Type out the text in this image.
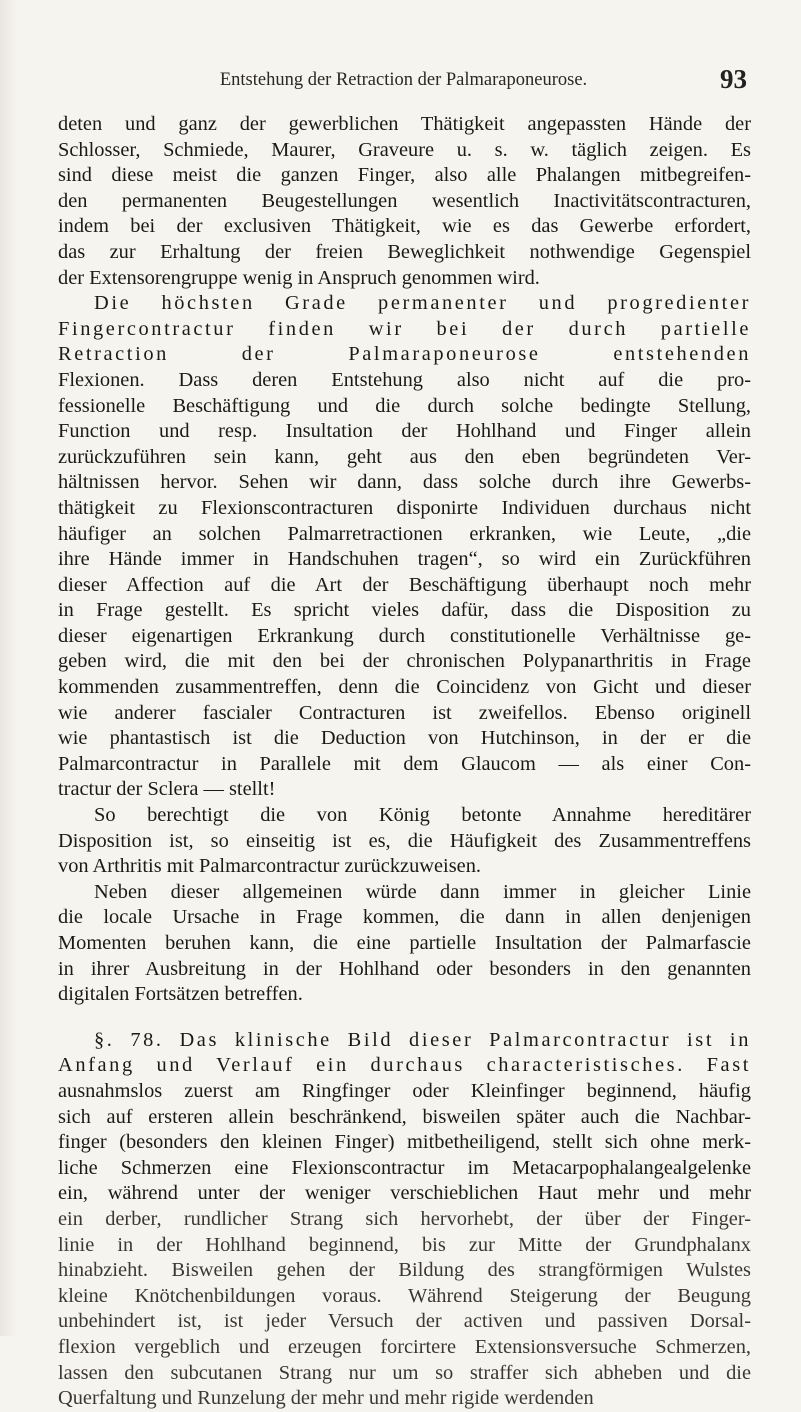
Entstehung der Retraction der Palmaraponeurose.	93
deten und ganz der gewerblichen Thätigkeit angepassten Hände der
Schlosser, Schmiede, Maurer, Graveure u. s. w. täglich zeigen. Es
sind diese meist die ganzen Finger, also alle Phalangen mitbegreifen-
den permanenten Beugestellungen wesentlich Inactivitätscontracturen,
indem bei der exclusiven Thätigkeit, wie es das Gewerbe erfordert,
das zur Erhaltung der freien Beweglichkeit nothwendige Gegenspiel
der Extensorengruppe wenig in Anspruch genommen wird.
Die höchsten Grade permanenter und progredienter
Fingercontractur finden wir bei der durch partielle
Retraction der Palmaraponeurose entstehenden
Flexionen. Dass deren Entstehung also nicht auf die pro-
fessionelle Beschäftigung und die durch solche bedingte Stellung,
Function und resp. Insultation der Hohlhand und Finger allein
zurückzuführen sein kann, geht aus den eben begründeten Ver-
hältnissen hervor. Sehen wir dann, dass solche durch ihre Gewerbs-
thätigkeit zu Flexionscontracturen disponirte Individuen durchaus nicht
häufiger an solchen Palmarretractionen erkranken, wie Leute, „die
ihre Hände immer in Handschuhen tragen“, so wird ein Zurückführen
dieser Affection auf die Art der Beschäftigung überhaupt noch mehr
in Frage gestellt. Es spricht vieles dafür, dass die Disposition zu
dieser eigenartigen Erkrankung durch constitutionelle Verhältnisse ge-
geben wird, die mit den bei der chronischen Polypanarthritis in Frage
kommenden zusammentreffen, denn die Coincidenz von Gicht und dieser
wie anderer fascialer Contracturen ist zweifellos. Ebenso originell
wie phantastisch ist die Deduction von Hutchinson, in der er die
Palmarcontractur in Parallele mit dem Glaucom — als einer Con-
tractur der Sclera — stellt!
So berechtigt die von König betonte Annahme hereditärer
Disposition ist, so einseitig ist es, die Häufigkeit des Zusammentreffens
von Arthritis mit Palmarcontractur zurückzuweisen.
Neben dieser allgemeinen würde dann immer in gleicher Linie
die locale Ursache in Frage kommen, die dann in allen denjenigen
Momenten beruhen kann, die eine partielle Insultation der Palmarfascie
in ihrer Ausbreitung in der Hohlhand oder besonders in den genannten
digitalen Fortsätzen betreffen.
§. 78. Das klinische Bild dieser Palmarcontractur ist in
Anfang und Verlauf ein durchaus characteristisches. Fast
ausnahmslos zuerst am Ringfinger oder Kleinfinger beginnend, häufig
sich auf ersteren allein beschränkend, bisweilen später auch die Nachbar-
finger (besonders den kleinen Finger) mitbetheiligend, stellt sich ohne merk-
liche Schmerzen eine Flexionscontractur im Metacarpophalangealgelenke
ein, während unter der weniger verschieblichen Haut mehr und mehr
ein derber, rundlicher Strang sich hervorhebt, der über der Finger-
linie in der Hohlhand beginnend, bis zur Mitte der Grundphalanx
hinabzieht. Bisweilen gehen der Bildung des strangförmigen Wulstes
kleine Knötchenbildungen voraus. Während Steigerung der Beugung
unbehindert ist, ist jeder Versuch der activen und passiven Dorsal-
flexion vergeblich und erzeugen forcirtere Extensionsversuche Schmerzen,
lassen den subcutanen Strang nur um so straffer sich abheben und die
Querfaltung und Runzelung der mehr und mehr rigide werdenden
